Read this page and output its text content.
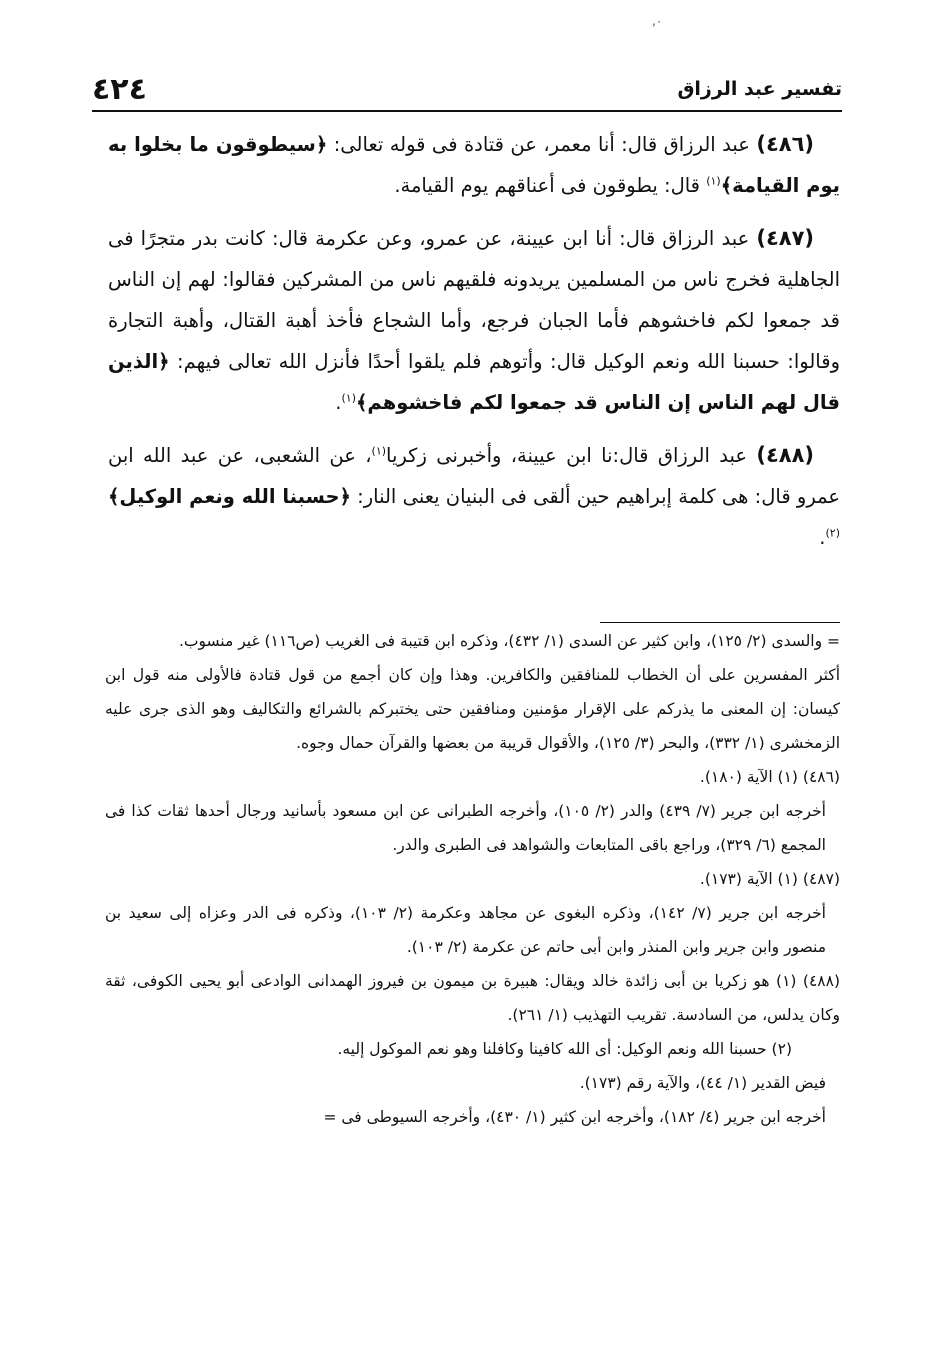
٠‚
٤٢٤	تفسير عبد الرزاق

(٤٨٦) عبد الرزاق قال: أنا معمر، عن قتادة فى قوله تعالى: ﴿سيطوقون ما بخلوا به يوم القيامة﴾$^{(١)}$ قال: يطوقون فى أعناقهم يوم القيامة.

(٤٨٧) عبد الرزاق قال: أنا ابن عيينة، عن عمرو، وعن عكرمة قال: كانت بدر متجرًا فى الجاهلية فخرج ناس من المسلمين يريدونه فلقيهم ناس من المشركين فقالوا: لهم إن الناس قد جمعوا لكم فاخشوهم فأما الجبان فرجع، وأما الشجاع فأخذ أهبة القتال، وأهبة التجارة وقالوا: حسبنا الله ونعم الوكيل قال: وأتوهم فلم يلقوا أحدًا فأنزل الله تعالى فيهم: ﴿الذين قال لهم الناس إن الناس قد جمعوا لكم فاخشوهم﴾$^{(١)}$.

(٤٨٨) عبد الرزاق قال:نا ابن عيينة، وأخبرنى زكريا$^{(١)}$، عن الشعبى، عن عبد الله ابن عمرو قال: هى كلمة إبراهيم حين ألقى فى البنيان يعنى النار: ﴿حسبنا الله ونعم الوكيل﴾$^{(٢)}$.

= والسدى (٢/ ١٢٥)، وابن كثير عن السدى (١/ ٤٣٢)، وذكره ابن قتيبة فى الغريب (ص١١٦) غير منسوب.

أكثر المفسرين على أن الخطاب للمنافقين والكافرين. وهذا وإن كان أجمع من قول قتادة فالأولى منه قول ابن كيسان: إن المعنى ما يذركم على الإقرار مؤمنين ومنافقين حتى يختبركم بالشرائع والتكاليف وهو الذى جرى عليه الزمخشرى (١/ ٣٣٢)، والبحر (٣/ ١٢٥)، والأقوال قريبة من بعضها والقرآن حمال وجوه.

(٤٨٦) (١) الآية (١٨٠).

أخرجه ابن جرير (٧/ ٤٣٩) والدر (٢/ ١٠٥)، وأخرجه الطبرانى عن ابن مسعود بأسانيد ورجال أحدها ثقات كذا فى المجمع (٦/ ٣٢٩)، وراجع باقى المتابعات والشواهد فى الطبرى والدر.

(٤٨٧) (١) الآية (١٧٣).

أخرجه ابن جرير (٧/ ١٤٢)، وذكره البغوى عن مجاهد وعكرمة (٢/ ١٠٣)، وذكره فى الدر وعزاه إلى سعيد بن منصور وابن جرير وابن المنذر وابن أبى حاتم عن عكرمة (٢/ ١٠٣).

(٤٨٨) (١) هو زكريا بن أبى زائدة خالد ويقال: هبيرة بن ميمون بن فيروز الهمدانى الوادعى أبو يحيى الكوفى، ثقة وكان يدلس، من السادسة. تقريب التهذيب (١/ ٢٦١).

(٢) حسبنا الله ونعم الوكيل: أى الله كافينا وكافلنا وهو نعم الموكول إليه.

فيض القدير (١/ ٤٤)، والآية رقم (١٧٣).

أخرجه ابن جرير (٤/ ١٨٢)، وأخرجه ابن كثير (١/ ٤٣٠)، وأخرجه السيوطى فى =
